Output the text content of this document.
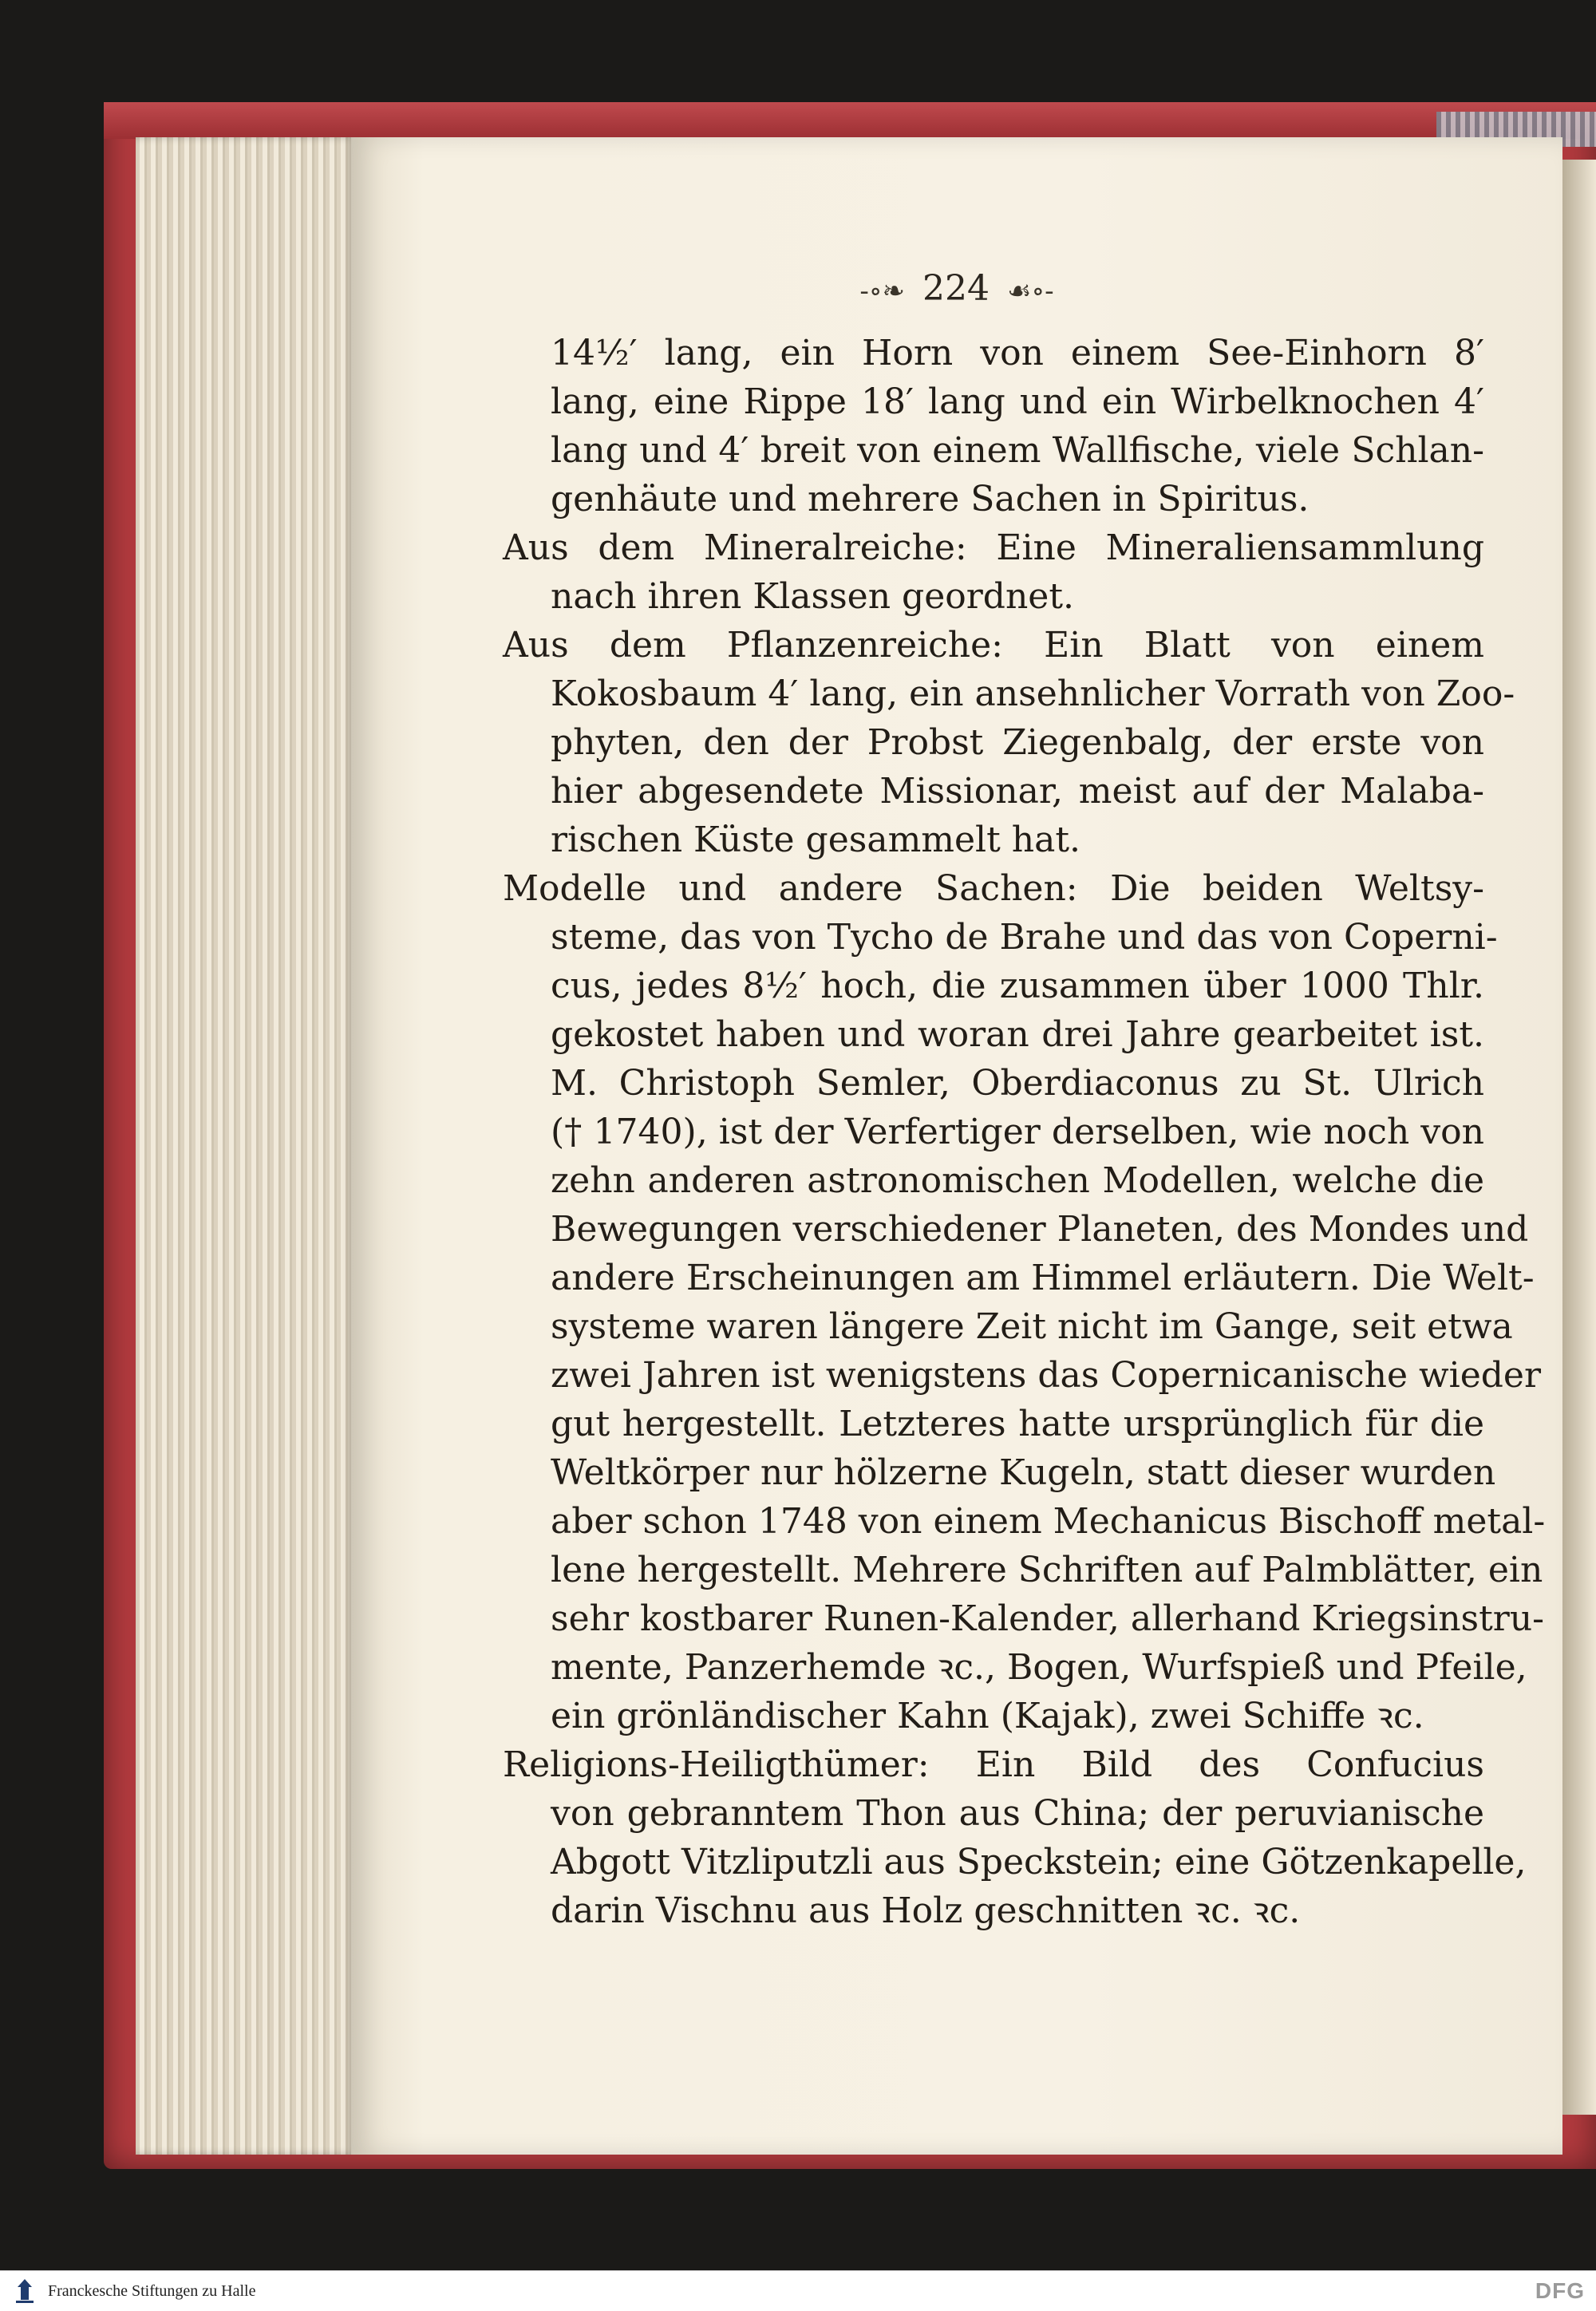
-∘❧ 224 ☙∘-
14½′ lang, ein Horn von einem See-Einhorn 8′
lang, eine Rippe 18′ lang und ein Wirbelknochen 4′
lang und 4′ breit von einem Wallfische, viele Schlan-
genhäute und mehrere Sachen in Spiritus.
Aus dem Mineralreiche: Eine Mineraliensammlung
nach ihren Klassen geordnet.
Aus dem Pflanzenreiche: Ein Blatt von einem
Kokosbaum 4′ lang, ein ansehnlicher Vorrath von Zoo-
phyten, den der Probst Ziegenbalg, der erste von
hier abgesendete Missionar, meist auf der Malaba-
rischen Küste gesammelt hat.
Modelle und andere Sachen: Die beiden Weltsy-
steme, das von Tycho de Brahe und das von Coperni-
cus, jedes 8½′ hoch, die zusammen über 1000 Thlr.
gekostet haben und woran drei Jahre gearbeitet ist.
M. Christoph Semler, Oberdiaconus zu St. Ulrich
(† 1740), ist der Verfertiger derselben, wie noch von
zehn anderen astronomischen Modellen, welche die
Bewegungen verschiedener Planeten, des Mondes und
andere Erscheinungen am Himmel erläutern. Die Welt-
systeme waren längere Zeit nicht im Gange, seit etwa
zwei Jahren ist wenigstens das Copernicanische wieder
gut hergestellt. Letzteres hatte ursprünglich für die
Weltkörper nur hölzerne Kugeln, statt dieser wurden
aber schon 1748 von einem Mechanicus Bischoff metal-
lene hergestellt. Mehrere Schriften auf Palmblätter, ein
sehr kostbarer Runen-Kalender, allerhand Kriegsinstru-
mente, Panzerhemde ꝛc., Bogen, Wurfspieß und Pfeile,
ein grönländischer Kahn (Kajak), zwei Schiffe ꝛc.
Religions-Heiligthümer: Ein Bild des Confucius
von gebranntem Thon aus China; der peruvianische
Abgott Vitzliputzli aus Speckstein; eine Götzenkapelle,
darin Vischnu aus Holz geschnitten ꝛc. ꝛc.
Franckesche Stiftungen zu Halle	DFG
